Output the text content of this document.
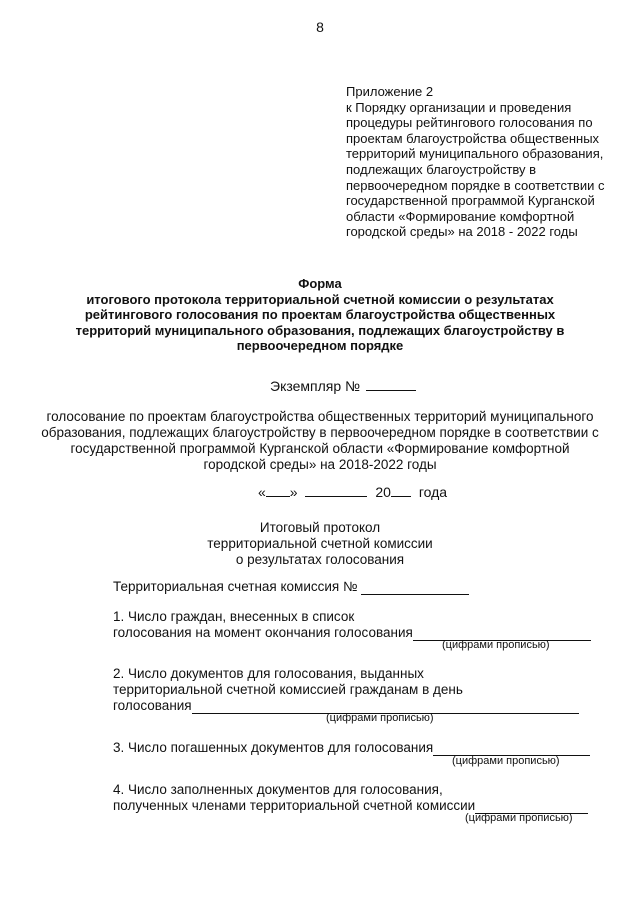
8
Приложение 2
к Порядку организации и проведения
процедуры рейтингового голосования по
проектам благоустройства общественных
территорий муниципального образования,
подлежащих благоустройству в
первоочередном порядке в соответствии с
государственной программой Курганской
области «Формирование комфортной
городской среды» на 2018 - 2022 годы
Форма
итогового протокола территориальной счетной комиссии о результатах
рейтингового голосования по проектам благоустройства общественных
территорий муниципального образования, подлежащих благоустройству в
первоочередном порядке
Экземпляр №
голосование по проектам благоустройства общественных территорий муниципального
образования, подлежащих благоустройству в первоочередном порядке в соответствии с
государственной программой Курганской области «Формирование комфортной
городской среды» на 2018-2022 годы
« »	20 года
Итоговый протокол
территориальной счетной комиссии
о результатах голосования
Территориальная счетная комиссия №
1. Число граждан, внесенных в список
голосования на момент окончания голосования
(цифрами прописью)
2. Число документов для голосования, выданных
территориальной счетной комиссией гражданам в день
голосования
(цифрами прописью)
3. Число погашенных документов для голосования
(цифрами прописью)
4. Число заполненных документов для голосования,
полученных членами территориальной счетной комиссии
(цифрами прописью)
